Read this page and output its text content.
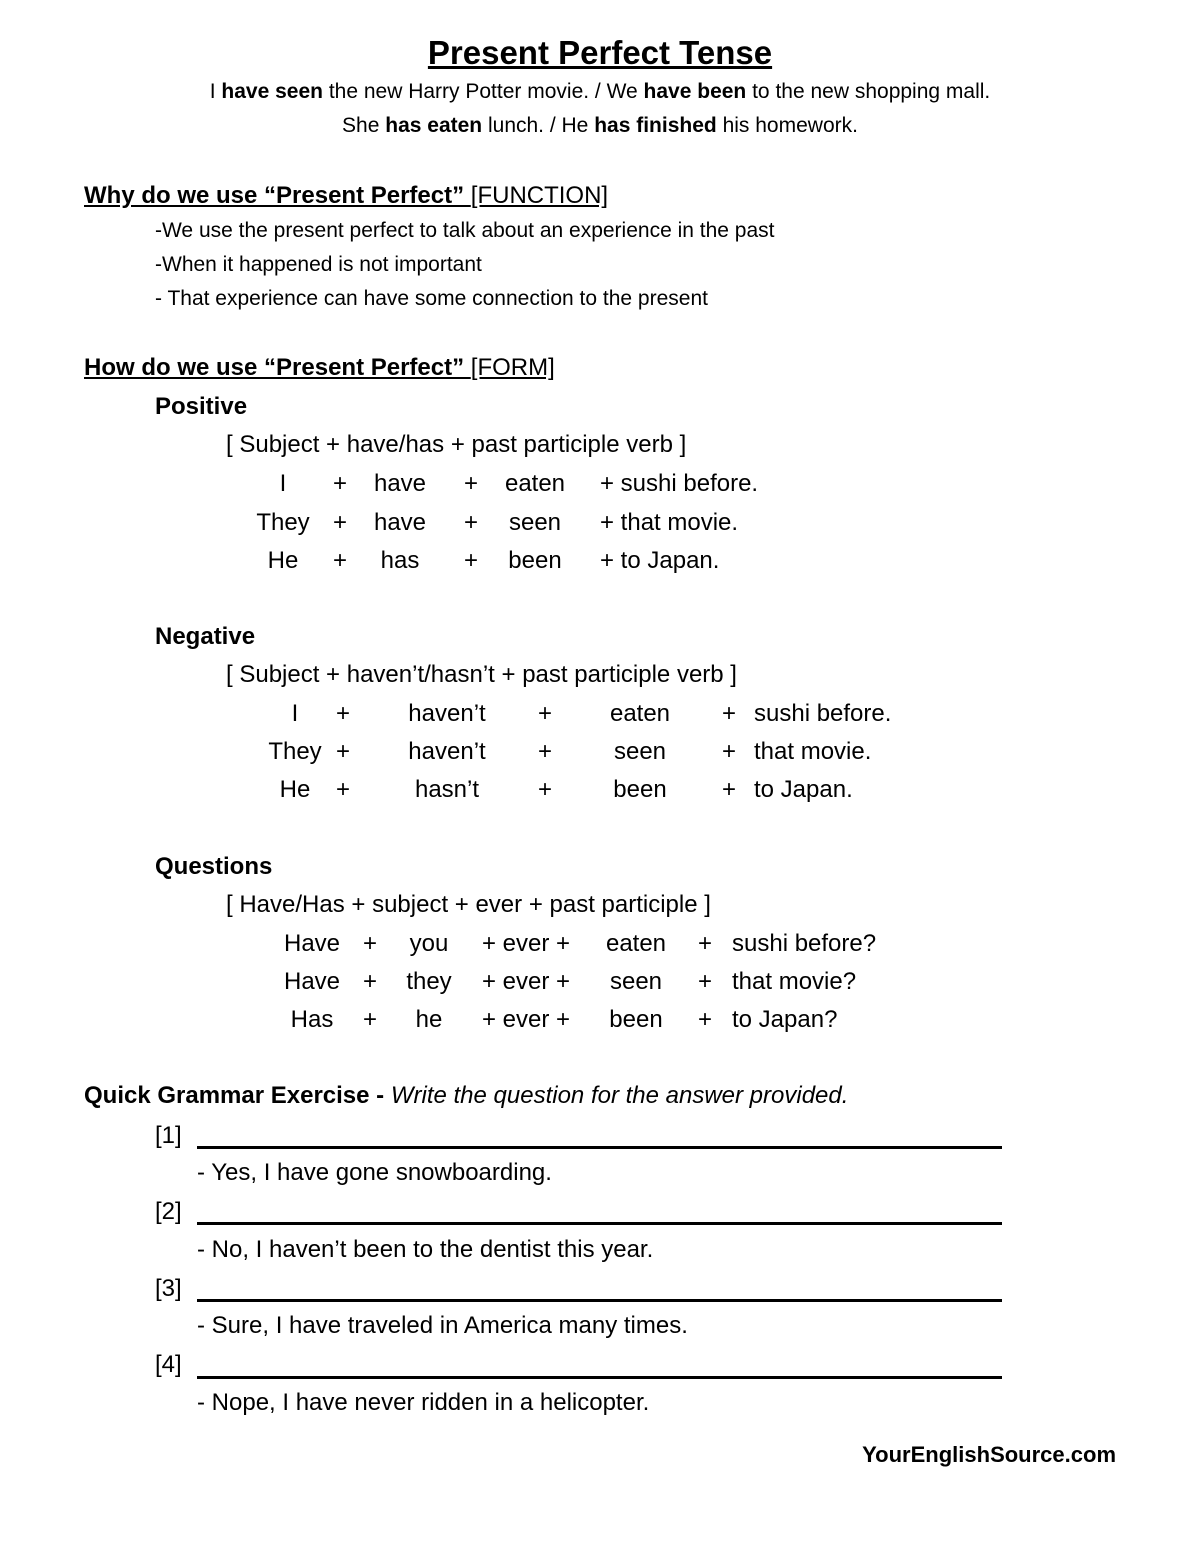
Present Perfect Tense
I have seen the new Harry Potter movie. / We have been to the new shopping mall.
She has eaten lunch. / He has finished his homework.
Why do we use “Present Perfect” [FUNCTION]
-We use the present perfect to talk about an experience in the past
-When it happened is not important
- That experience can have some connection to the present
How do we use “Present Perfect” [FORM]
Positive
[ Subject + have/has + past participle verb ]
I	+	have	+	eaten	+ sushi before.
They +	have	+	seen	+ that movie.
He	+	has	+	been	+ to Japan.
Negative
[ Subject + haven’t/hasn’t + past participle verb ]
I	+	haven’t	+	eaten	+ sushi before.
They +	haven’t	+	seen	+ that movie.
He	+	hasn’t	+	been	+ to Japan.
Questions
[ Have/Has + subject + ever + past participle ]
Have +	you	+ ever +	eaten	+ sushi before?
Have +	they	+ ever +	seen	+ that movie?
Has	+	he	+ ever +	been	+ to Japan?
Quick Grammar Exercise - Write the question for the answer provided.
[1]
- Yes, I have gone snowboarding.
[2]
- No, I haven’t been to the dentist this year.
[3]
- Sure, I have traveled in America many times.
[4]
- Nope, I have never ridden in a helicopter.
YourEnglishSource.com
